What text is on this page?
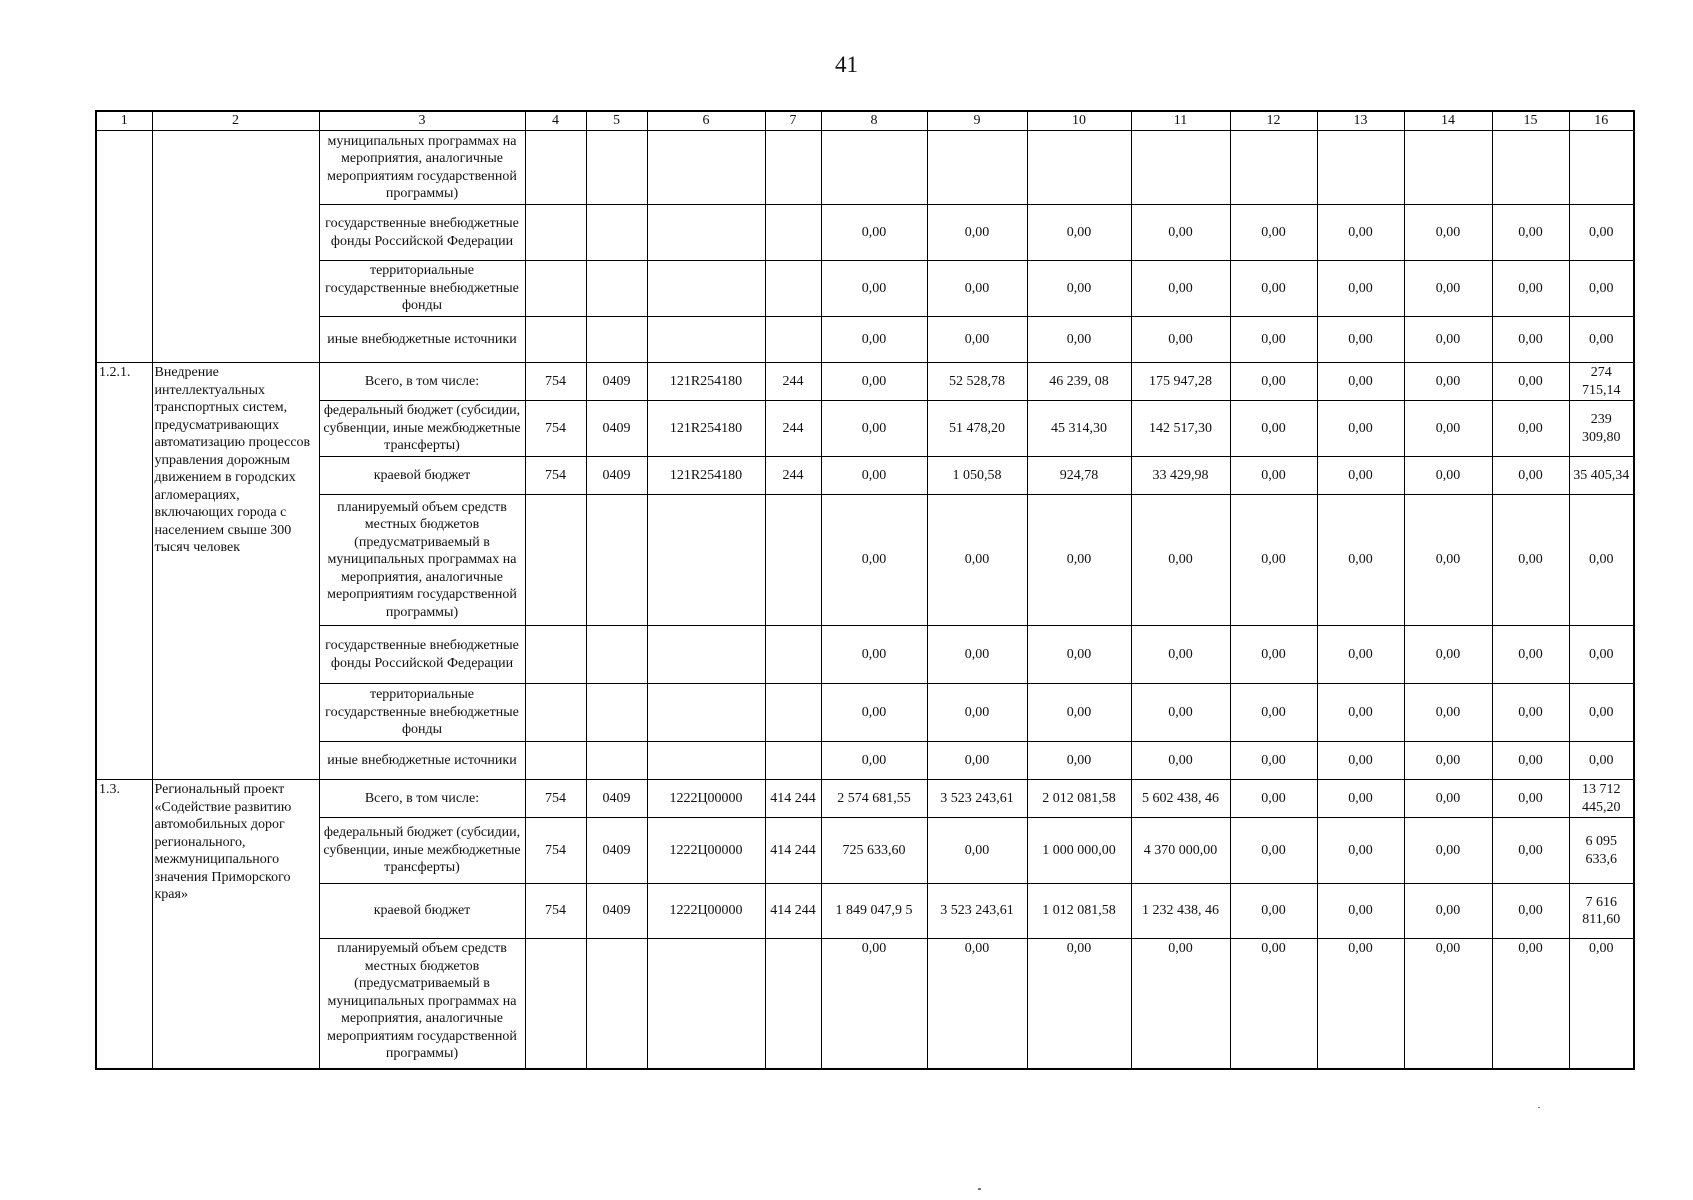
41
1	2	3	4	5	6	7	8	9	10	11	12	13	14	15	16
		муниципальных программах на мероприятия, аналогичные мероприятиям государственной программы)													
		государственные внебюджетные фонды Российской Федерации					0,00	0,00	0,00	0,00	0,00	0,00	0,00	0,00	0,00
		территориальные государственные внебюджетные фонды					0,00	0,00	0,00	0,00	0,00	0,00	0,00	0,00	0,00
		иные внебюджетные источники					0,00	0,00	0,00	0,00	0,00	0,00	0,00	0,00	0,00
1.2.1.	Внедрение интеллектуальных транспортных систем, предусматривающих автоматизацию процессов управления дорожным движением в городских агломерациях, включающих города с населением свыше 300 тысяч человек	Всего, в том числе:	754	0409	121R254180	244	0,00	52 528,78	46 239, 08	175 947,28	0,00	0,00	0,00	0,00	274 715,14
		федеральный бюджет (субсидии, субвенции, иные межбюджетные трансферты)	754	0409	121R254180	244	0,00	51 478,20	45 314,30	142 517,30	0,00	0,00	0,00	0,00	239 309,80
		краевой бюджет	754	0409	121R254180	244	0,00	1 050,58	924,78	33 429,98	0,00	0,00	0,00	0,00	35 405,34
		планируемый объем средств местных бюджетов (предусматриваемый в муниципальных программах на мероприятия, аналогичные мероприятиям государственной программы)					0,00	0,00	0,00	0,00	0,00	0,00	0,00	0,00	0,00
		государственные внебюджетные фонды Российской Федерации					0,00	0,00	0,00	0,00	0,00	0,00	0,00	0,00	0,00
		территориальные государственные внебюджетные фонды					0,00	0,00	0,00	0,00	0,00	0,00	0,00	0,00	0,00
		иные внебюджетные источники					0,00	0,00	0,00	0,00	0,00	0,00	0,00	0,00	0,00
1.3.	Региональный проект «Содействие развитию автомобильных дорог регионального, межмуниципального значения Приморского края»	Всего, в том числе:	754	0409	1222Ц00000	414 244	2 574 681,55	3 523 243,61	2 012 081,58	5 602 438, 46	0,00	0,00	0,00	0,00	13 712 445,20
		федеральный бюджет (субсидии, субвенции, иные межбюджетные трансферты)	754	0409	1222Ц00000	414 244	725 633,60	0,00	1 000 000,00	4 370 000,00	0,00	0,00	0,00	0,00	6 095 633,6
		краевой бюджет	754	0409	1222Ц00000	414 244	1 849 047,9 5	3 523 243,61	1 012 081,58	1 232 438, 46	0,00	0,00	0,00	0,00	7 616 811,60
		планируемый объем средств местных бюджетов (предусматриваемый в муниципальных программах на мероприятия, аналогичные мероприятиям государственной программы)					0,00	0,00	0,00	0,00	0,00	0,00	0,00	0,00	0,00
